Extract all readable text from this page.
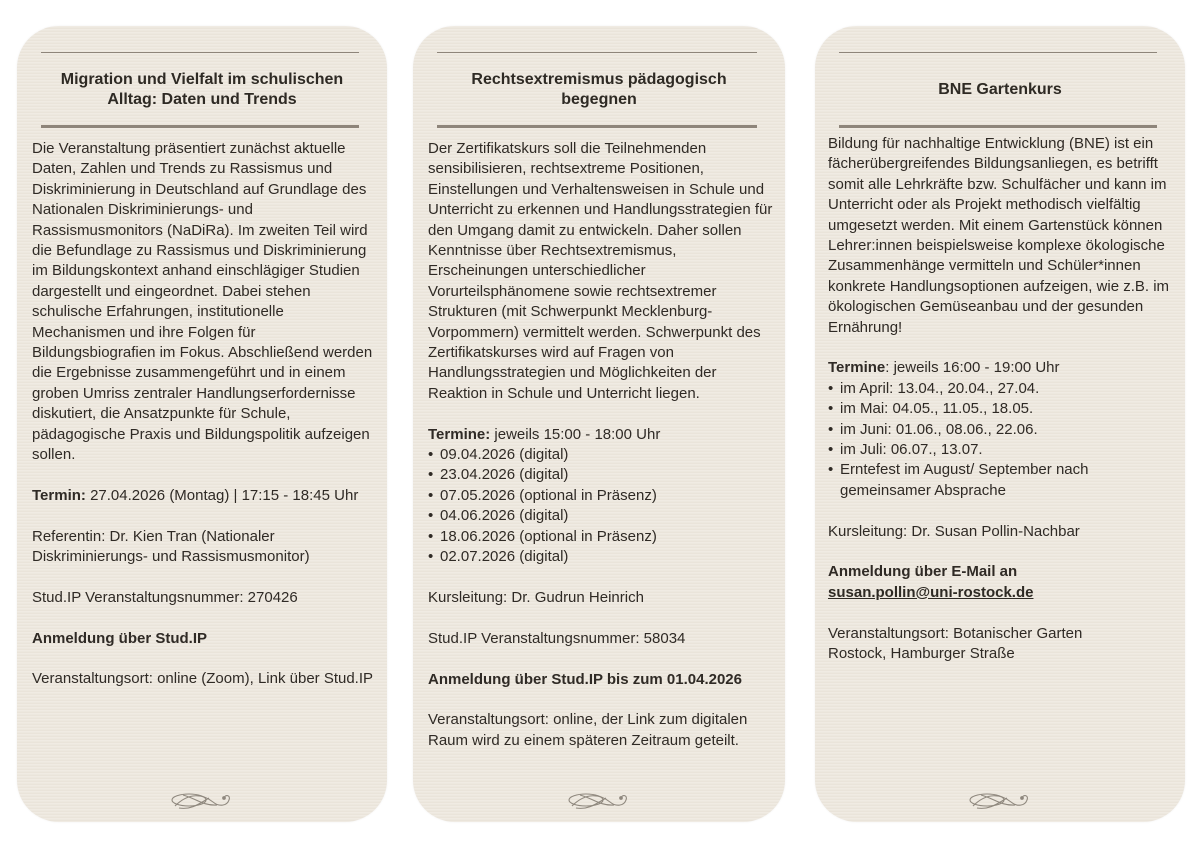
Migration und Vielfalt im schulischen Alltag: Daten und Trends

Die Veranstaltung präsentiert zunächst aktuelle Daten, Zahlen und Trends zu Rassismus und Diskriminierung in Deutschland auf Grundlage des Nationalen Diskriminierungs- und Rassismusmonitors (NaDiRa). Im zweiten Teil wird die Befundlage zu Rassismus und Diskriminierung im Bildungskontext anhand einschlägiger Studien dargestellt und eingeordnet. Dabei stehen schulische Erfahrungen, institutionelle Mechanismen und ihre Folgen für Bildungsbiografien im Fokus. Abschließend werden die Ergebnisse zusammengeführt und in einem groben Umriss zentraler Handlungserfordernisse diskutiert, die Ansatzpunkte für Schule, pädagogische Praxis und Bildungspolitik aufzeigen sollen.

Termin: 27.04.2026 (Montag) | 17:15 - 18:45 Uhr

Referentin: Dr. Kien Tran (Nationaler Diskriminierungs- und Rassismusmonitor)

Stud.IP Veranstaltungsnummer: 270426

Anmeldung über Stud.IP

Veranstaltungsort: online (Zoom), Link über Stud.IP

Rechtsextremismus pädagogisch begegnen

Der Zertifikatskurs soll die Teilnehmenden sensibilisieren, rechtsextreme Positionen, Einstellungen und Verhaltensweisen in Schule und Unterricht zu erkennen und Handlungsstrategien für den Umgang damit zu entwickeln. Daher sollen Kenntnisse über Rechtsextremismus, Erscheinungen unterschiedlicher Vorurteilsphänomene sowie rechtsextremer Strukturen (mit Schwerpunkt Mecklenburg-Vorpommern) vermittelt werden. Schwerpunkt des Zertifikatskurses wird auf Fragen von Handlungsstrategien und Möglichkeiten der Reaktion in Schule und Unterricht liegen.

Termine: jeweils 15:00 - 18:00 Uhr
• 09.04.2026 (digital)
• 23.04.2026 (digital)
• 07.05.2026 (optional in Präsenz)
• 04.06.2026 (digital)
• 18.06.2026 (optional in Präsenz)
• 02.07.2026 (digital)

Kursleitung: Dr. Gudrun Heinrich

Stud.IP Veranstaltungsnummer: 58034

Anmeldung über Stud.IP bis zum 01.04.2026

Veranstaltungsort: online, der Link zum digitalen Raum wird zu einem späteren Zeitraum geteilt.

BNE Gartenkurs

Bildung für nachhaltige Entwicklung (BNE) ist ein fächerübergreifendes Bildungsanliegen, es betrifft somit alle Lehrkräfte bzw. Schulfächer und kann im Unterricht oder als Projekt methodisch vielfältig umgesetzt werden. Mit einem Gartenstück können Lehrer:innen beispielsweise komplexe ökologische Zusammenhänge vermitteln und Schüler*innen konkrete Handlungsoptionen aufzeigen, wie z.B. im ökologischen Gemüseanbau und der gesunden Ernährung!

Termine: jeweils 16:00 - 19:00 Uhr
• im April: 13.04., 20.04., 27.04.
• im Mai: 04.05., 11.05., 18.05.
• im Juni: 01.06., 08.06., 22.06.
• im Juli: 06.07., 13.07.
• Erntefest im August/ September nach gemeinsamer Absprache

Kursleitung: Dr. Susan Pollin-Nachbar

Anmeldung über E-Mail an
susan.pollin@uni-rostock.de

Veranstaltungsort: Botanischer Garten Rostock, Hamburger Straße
